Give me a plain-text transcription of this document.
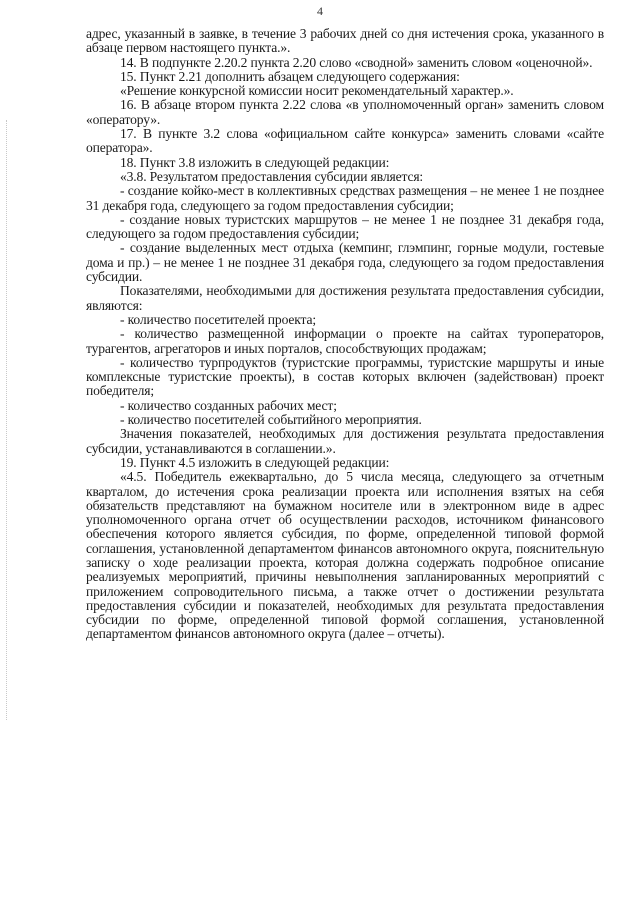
4

адрес, указанный в заявке, в течение 3 рабочих дней со дня истечения срока, указанного в абзаце первом настоящего пункта.».

14. В подпункте 2.20.2 пункта 2.20 слово «сводной» заменить словом «оценочной».

15. Пункт 2.21 дополнить абзацем следующего содержания:

«Решение конкурсной комиссии носит рекомендательный характер.».

16. В абзаце втором пункта 2.22 слова «в уполномоченный орган» заменить словом «оператору».

17. В пункте 3.2 слова «официальном сайте конкурса» заменить словами «сайте оператора».

18. Пункт 3.8 изложить в следующей редакции:

«3.8. Результатом предоставления субсидии является:

- создание койко-мест в коллективных средствах размещения – не менее 1 не позднее 31 декабря года, следующего за годом предоставления субсидии;

- создание новых туристских маршрутов – не менее 1 не позднее 31 декабря года, следующего за годом предоставления субсидии;

- создание выделенных мест отдыха (кемпинг, глэмпинг, горные модули, гостевые дома и пр.) – не менее 1 не позднее 31 декабря года, следующего за годом предоставления субсидии.

Показателями, необходимыми для достижения результата предоставления субсидии, являются:

- количество посетителей проекта;

- количество размещенной информации о проекте на сайтах туроператоров, турагентов, агрегаторов и иных порталов, способствующих продажам;

- количество турпродуктов (туристские программы, туристские маршруты и иные комплексные туристские проекты), в состав которых включен (задействован) проект победителя;

- количество созданных рабочих мест;

- количество посетителей событийного мероприятия.

Значения показателей, необходимых для достижения результата предоставления субсидии, устанавливаются в соглашении.».

19. Пункт 4.5 изложить в следующей редакции:

«4.5. Победитель ежеквартально, до 5 числа месяца, следующего за отчетным кварталом, до истечения срока реализации проекта или исполнения взятых на себя обязательств представляют на бумажном носителе или в электронном виде в адрес уполномоченного органа отчет об осуществлении расходов, источником финансового обеспечения которого является субсидия, по форме, определенной типовой формой соглашения, установленной департаментом финансов автономного округа, пояснительную записку о ходе реализации проекта, которая должна содержать подробное описание реализуемых мероприятий, причины невыполнения запланированных мероприятий с приложением сопроводительного письма, а также отчет о достижении результата предоставления субсидии и показателей, необходимых для результата предоставления субсидии по форме, определенной типовой формой соглашения, установленной департаментом финансов автономного округа (далее – отчеты).
